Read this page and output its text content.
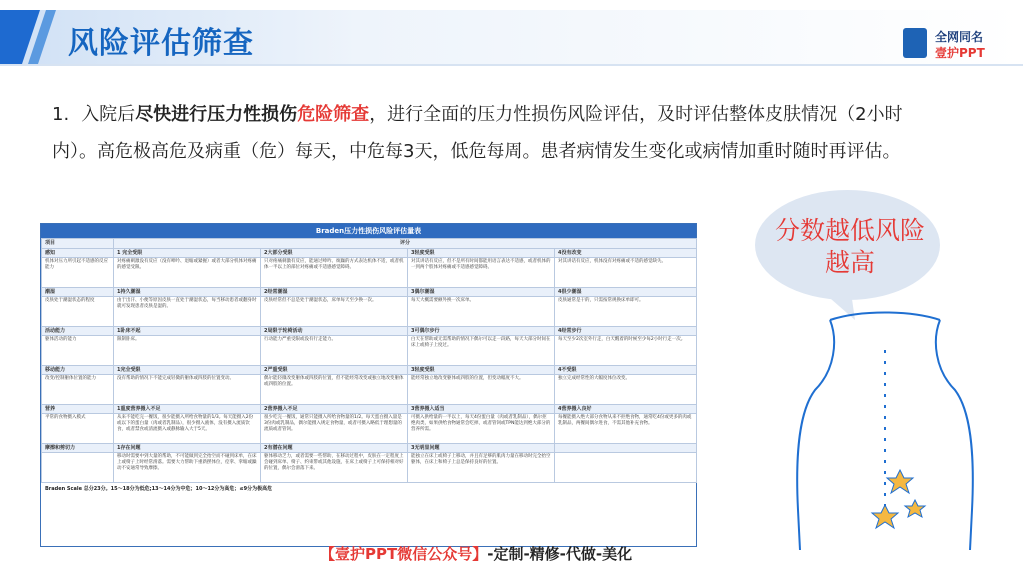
风险评估筛查	全网同名
壹护PPT
1. 入院后尽快进行压力性损伤危险筛查，进行全面的压力性损伤风险评估，及时评估整体皮肤情况（2小时内）。高危极高危及病重（危）每天，中危每3天，低危每周。患者病情发生变化或病情加重时随时再评估。
Braden压力性损伤风险评估量表
项目	评分			
感知	1 完全受限	2大部分受限	3轻度受限	4没有改变
机体对压力所引起不适感的反应能力	对疼痛刺激没有反应（没有呻吟、退缩或紧握）或者大部分机体对疼痛的感觉受限。	只对疼痛刺激有反应，能通过呻吟、烦躁的方式表达机体不适，或者机体一半以上的部位对疼痛或不适感感觉障碍。	对其讲话有反应，但不是所有时间都能用语言表达不适感，或者机体的一到两个肢体对疼痛或不适感感觉障碍。	对其讲话有反应，机体没有对疼痛或不适的感觉缺失。
潮湿	1持久潮湿	2经常潮湿	3偶尔潮湿	4很少潮湿
皮肤处于潮湿状态的程度	由于出汗、小便等原因皮肤一直处于潮湿状态，每当移动患者或翻身时就可发现患者皮肤是湿的。	皮肤经常但不总是处于潮湿状态，床单每天至少换一次。	每天大概需要额外换一次床单。	皮肤通常是干的，只需按常规换床单即可。
活动能力	1卧床不起	2局限于轮椅活动	3可偶尔步行	4经常步行
躯体活动的能力	限制卧床。	行动能力严重受限或没有行走能力。	白天在帮助或无需帮助的情况下偶尔可以走一段路，每天大部分时间在床上或椅子上度过。	每天至少2次室外行走，白天醒着的时候至少每2小时行走一次。
移动能力	1完全受限	2严重受限	3轻度受限	4不受限
改变/控制躯体位置的能力	没有帮助的情况下不能完成轻微的躯体或四肢的位置变动。	偶尔能轻微改变躯体或四肢的位置，但不能经常改变或独立地改变躯体或四肢的位置。	能经常独立地改变躯体或四肢的位置，但变动幅度不大。	独立完成经常性的大幅度体位改变。
营养	1重度营养摄入不足	2营养摄入不足	3营养摄入适当	4营养摄入良好
平常的食物摄入模式	从来不能吃完一餐饭，很少能摄入所给食物量的1/3。每天能摄入2份或以下的蛋白量（肉或者乳制品），很少摄入液体，没有摄入流质饮食，或者禁食或清流摄入或静脉输入大于5天。	很少吃完一餐饭，通常只能摄入所给食物量的1/2。每天蛋白摄入量是3份肉或乳制品，偶尔能摄入规定食物量，或者可摄入略低于理想量的流质或者管饲。	可摄入供给量的一半以上，每天4份蛋白量（肉或者乳制品），偶尔拒绝肉类，如果供给食物通常会吃掉，或者管饲或TPN能达到绝大部分的营养所需。	每餐能摄入绝大部分食物从来不拒绝食物，通常吃4份或更多的肉或乳制品，两餐间偶尔进食，不需其他补充食物。
摩擦和剪切力	1存在问题	2有潜在问题	3无明显问题	
	移动时需要中到大量的帮助，不可能做到完全抬空而不碰到床单，在床上或椅子上时经常滑落。需要大力帮助下重新摆体位，痉挛、挛缩或躁动不安通常导致摩擦。	躯体移动乏力，或者需要一些帮助，在移动过程中，皮肤在一定程度上会碰到床单、椅子、约束带或其他设施，在床上或椅子上可保持相对好的位置，偶尔会滑落下来。	能独立在床上或椅子上移动，并且有足够的肌肉力量在移动时完全抬空躯体，在床上和椅子上总是保持良好的位置。	
Braden Scale 总分23分。15～18分为低危;13～14分为中危；10～12分为高危；≤9分为极高危
分数越低风险越高
【壹护PPT微信公众号】-定制-精修-代做-美化
